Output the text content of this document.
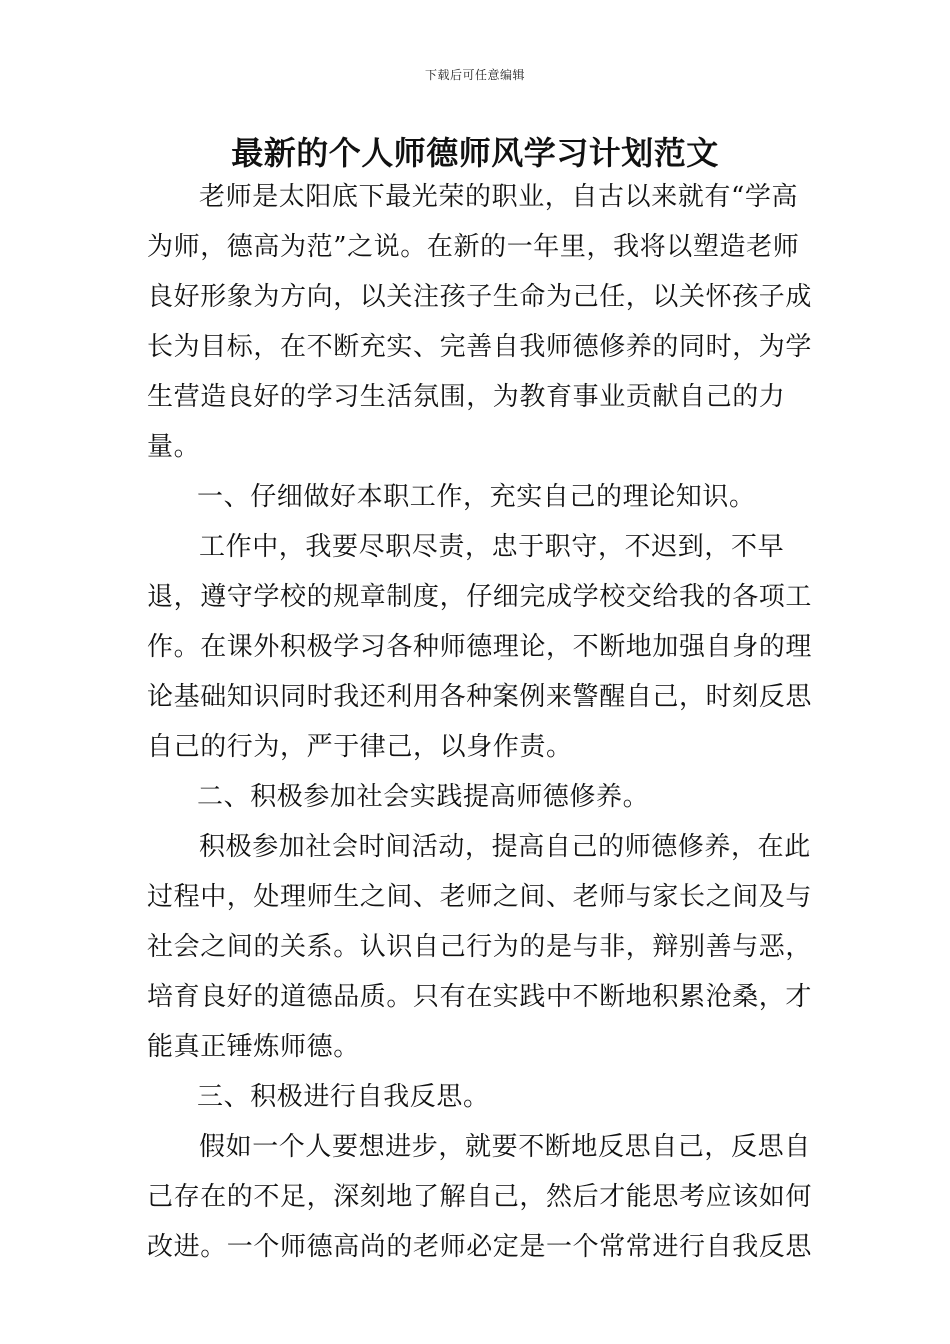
下载后可任意编辑
最新的个人师德师风学习计划范文

老师是太阳底下最光荣的职业，自古以来就有“学高为师，德高为范”之说。在新的一年里，我将以塑造老师良好形象为方向，以关注孩子生命为己任，以关怀孩子成长为目标，在不断充实、完善自我师德修养的同时，为学生营造良好的学习生活氛围，为教育事业贡献自己的力量。

一、仔细做好本职工作，充实自己的理论知识。

工作中，我要尽职尽责，忠于职守，不迟到，不早退，遵守学校的规章制度，仔细完成学校交给我的各项工作。在课外积极学习各种师德理论，不断地加强自身的理论基础知识同时我还利用各种案例来警醒自己，时刻反思自己的行为，严于律己，以身作责。

二、积极参加社会实践提高师德修养。

积极参加社会时间活动，提高自己的师德修养，在此过程中，处理师生之间、老师之间、老师与家长之间及与社会之间的关系。认识自己行为的是与非，辩别善与恶，培育良好的道德品质。只有在实践中不断地积累沧桑，才能真正锤炼师德。

三、积极进行自我反思。

假如一个人要想进步，就要不断地反思自己，反思自己存在的不足，深刻地了解自己，然后才能思考应该如何改进。一个师德高尚的老师必定是一个常常进行自我反思
